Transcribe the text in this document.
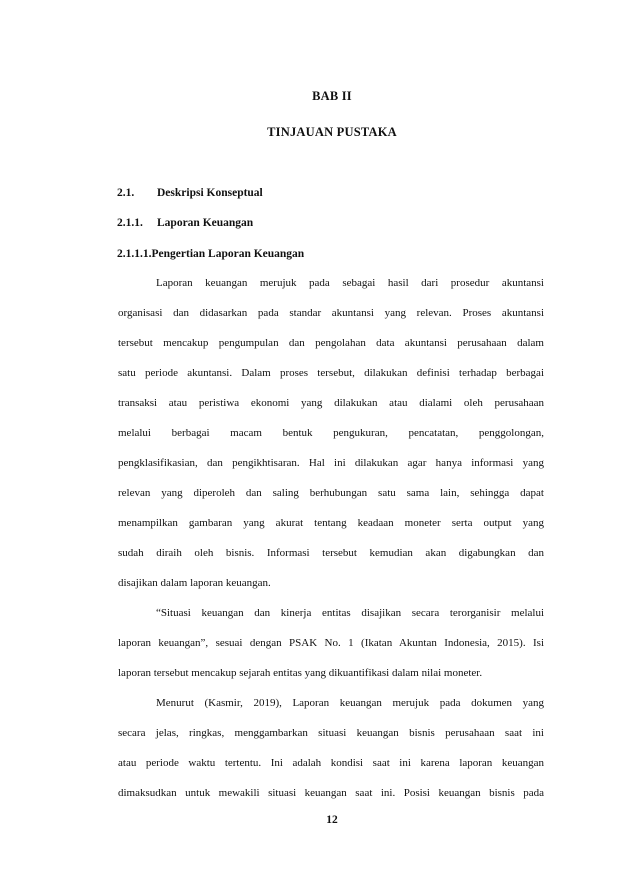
BAB II
TINJAUAN PUSTAKA
2.1. Deskripsi Konseptual
2.1.1. Laporan Keuangan
2.1.1.1.Pengertian Laporan Keuangan
Laporan keuangan merujuk pada sebagai hasil dari prosedur akuntansi
organisasi dan didasarkan pada standar akuntansi yang relevan. Proses akuntansi
tersebut mencakup pengumpulan dan pengolahan data akuntansi perusahaan dalam
satu periode akuntansi. Dalam proses tersebut, dilakukan definisi terhadap berbagai
transaksi atau peristiwa ekonomi yang dilakukan atau dialami oleh perusahaan
melalui berbagai macam bentuk pengukuran, pencatatan, penggolongan,
pengklasifikasian, dan pengikhtisaran. Hal ini dilakukan agar hanya informasi yang
relevan yang diperoleh dan saling berhubungan satu sama lain, sehingga dapat
menampilkan gambaran yang akurat tentang keadaan moneter serta output yang
sudah diraih oleh bisnis. Informasi tersebut kemudian akan digabungkan dan
disajikan dalam laporan keuangan.
“Situasi keuangan dan kinerja entitas disajikan secara terorganisir melalui
laporan keuangan”, sesuai dengan PSAK No. 1 (Ikatan Akuntan Indonesia, 2015). Isi
laporan tersebut mencakup sejarah entitas yang dikuantifikasi dalam nilai moneter.
Menurut (Kasmir, 2019), Laporan keuangan merujuk pada dokumen yang
secara jelas, ringkas, menggambarkan situasi keuangan bisnis perusahaan saat ini
atau periode waktu tertentu. Ini adalah kondisi saat ini karena laporan keuangan
dimaksudkan untuk mewakili situasi keuangan saat ini. Posisi keuangan bisnis pada
12
